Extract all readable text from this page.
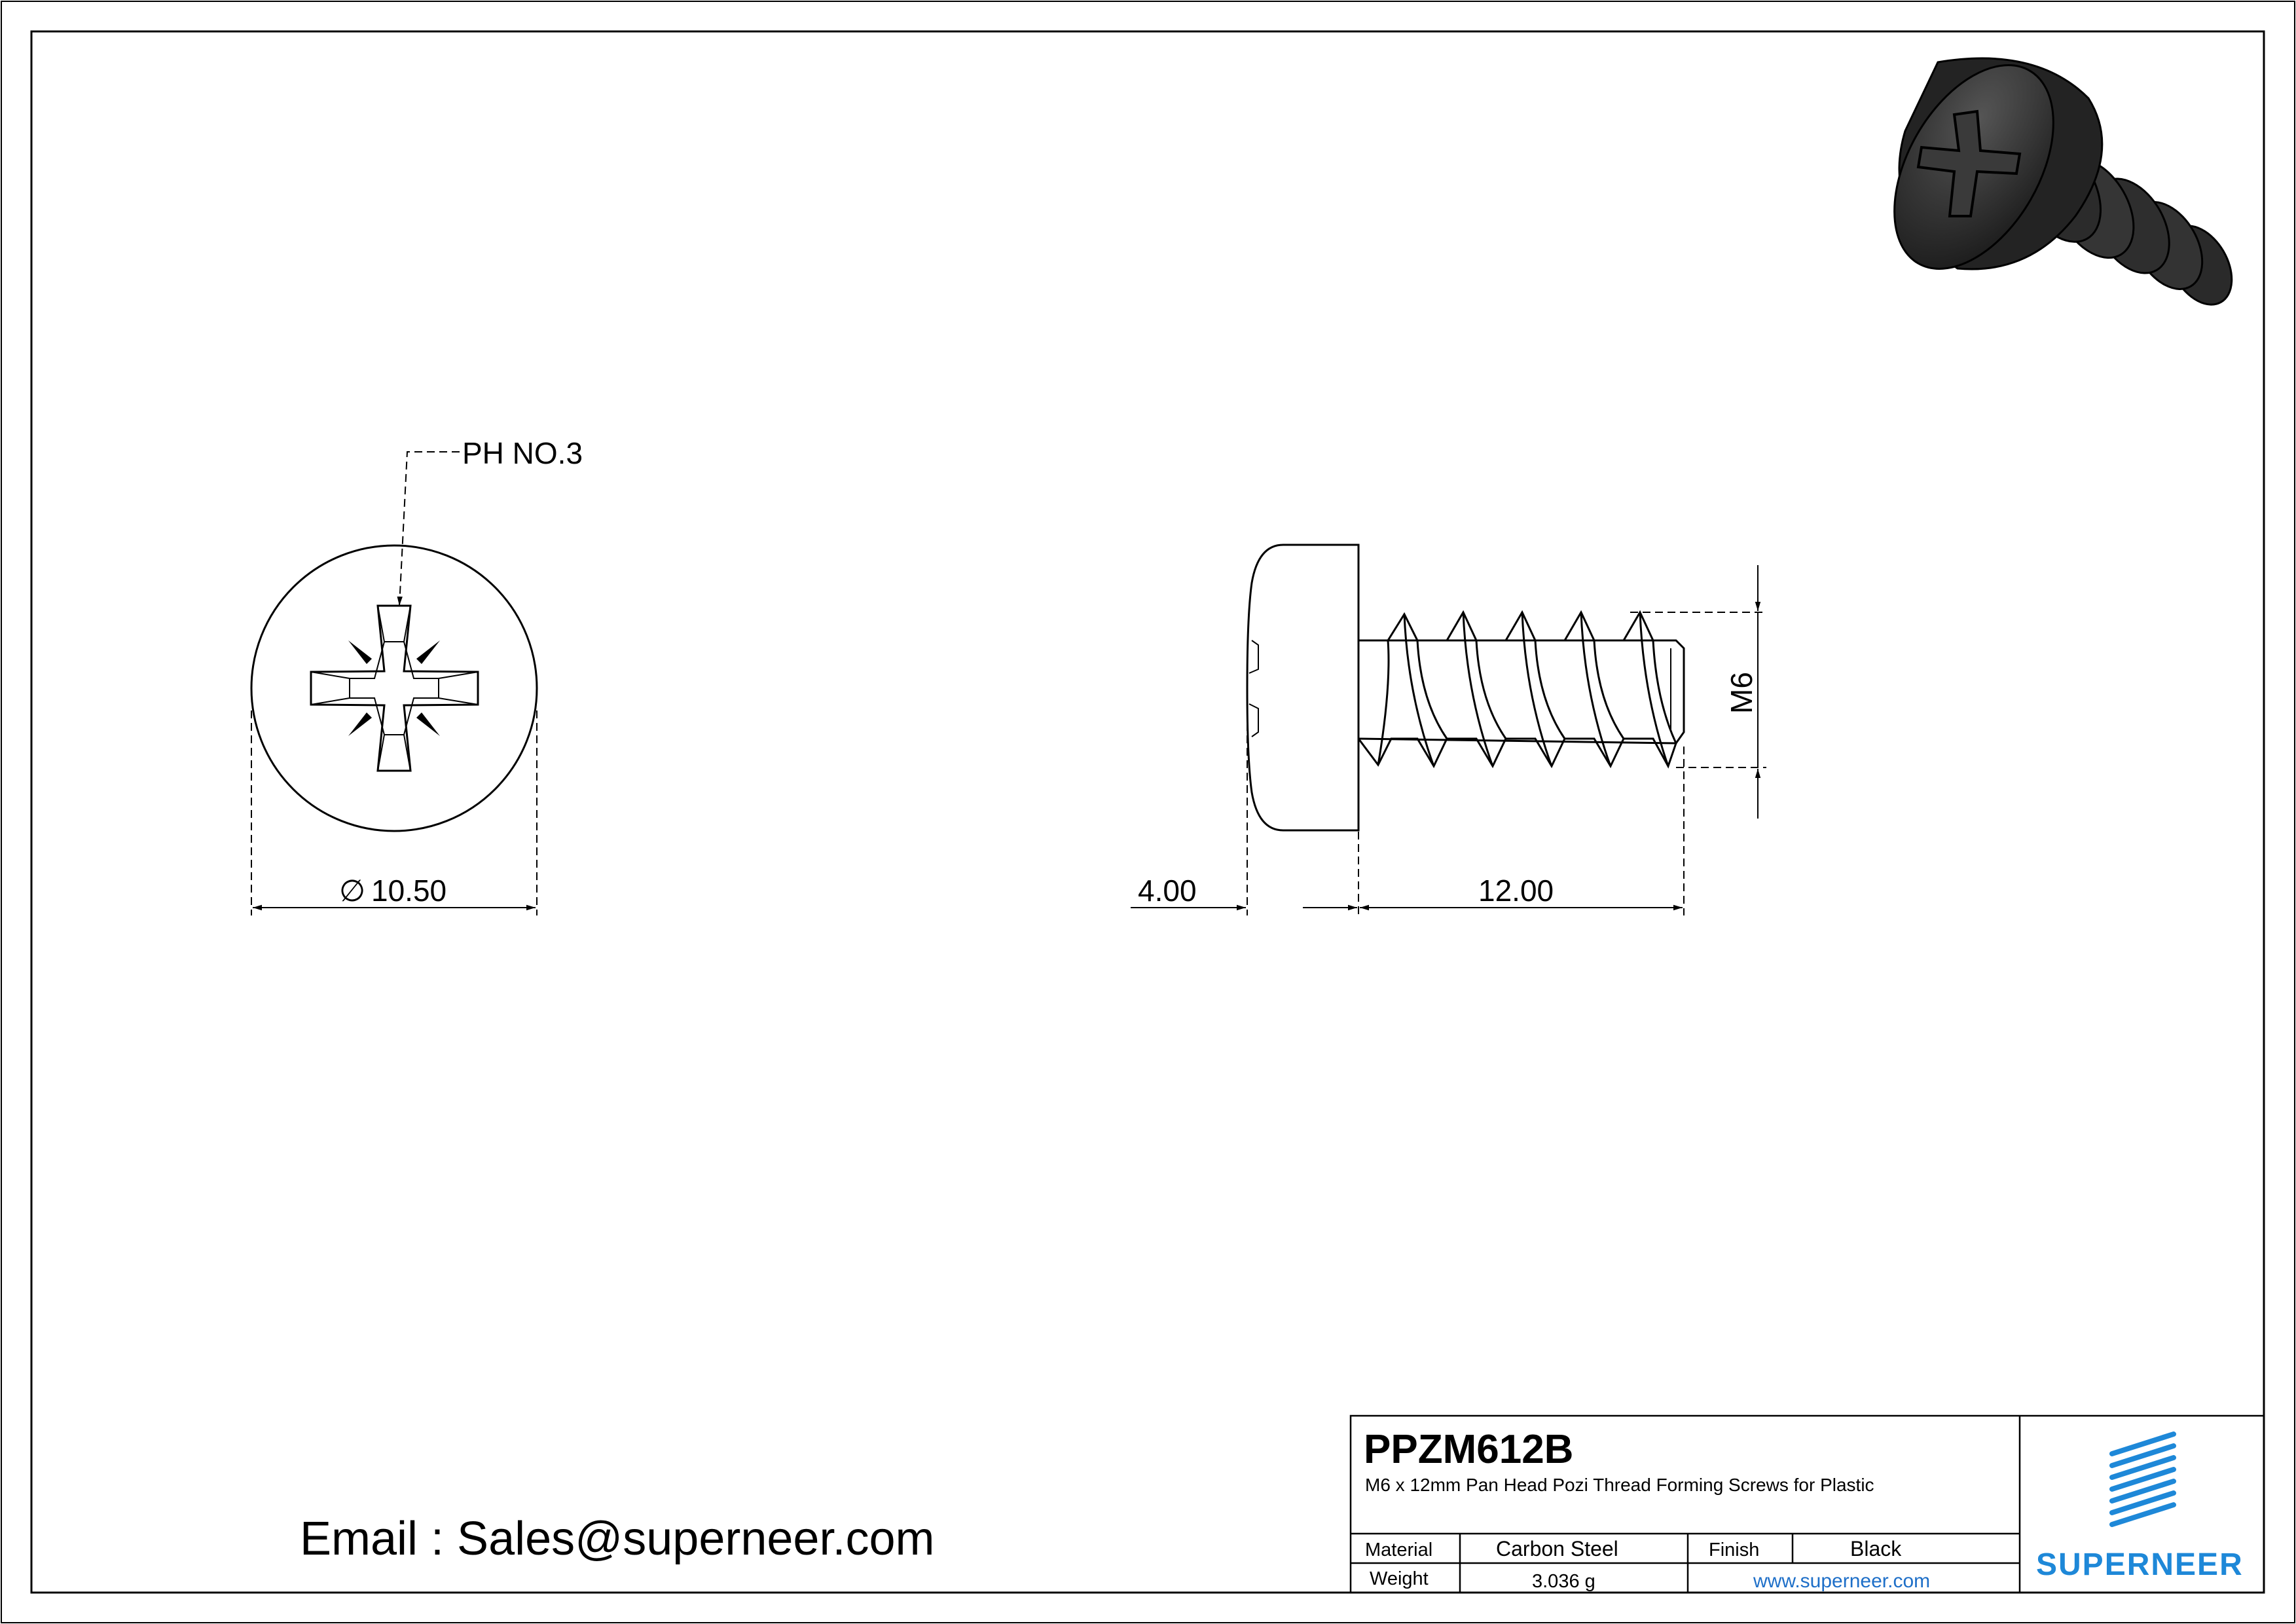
PH NO.3
∅ 10.50
M6
4.00	12.00
PPZM612B
M6 x 12mm Pan Head Pozi Thread Forming Screws for Plastic
Material	Carbon Steel	Finish	Black
Weight	3.036 g	www.superneer.com	SUPERNEER
Email : Sales@superneer.com
